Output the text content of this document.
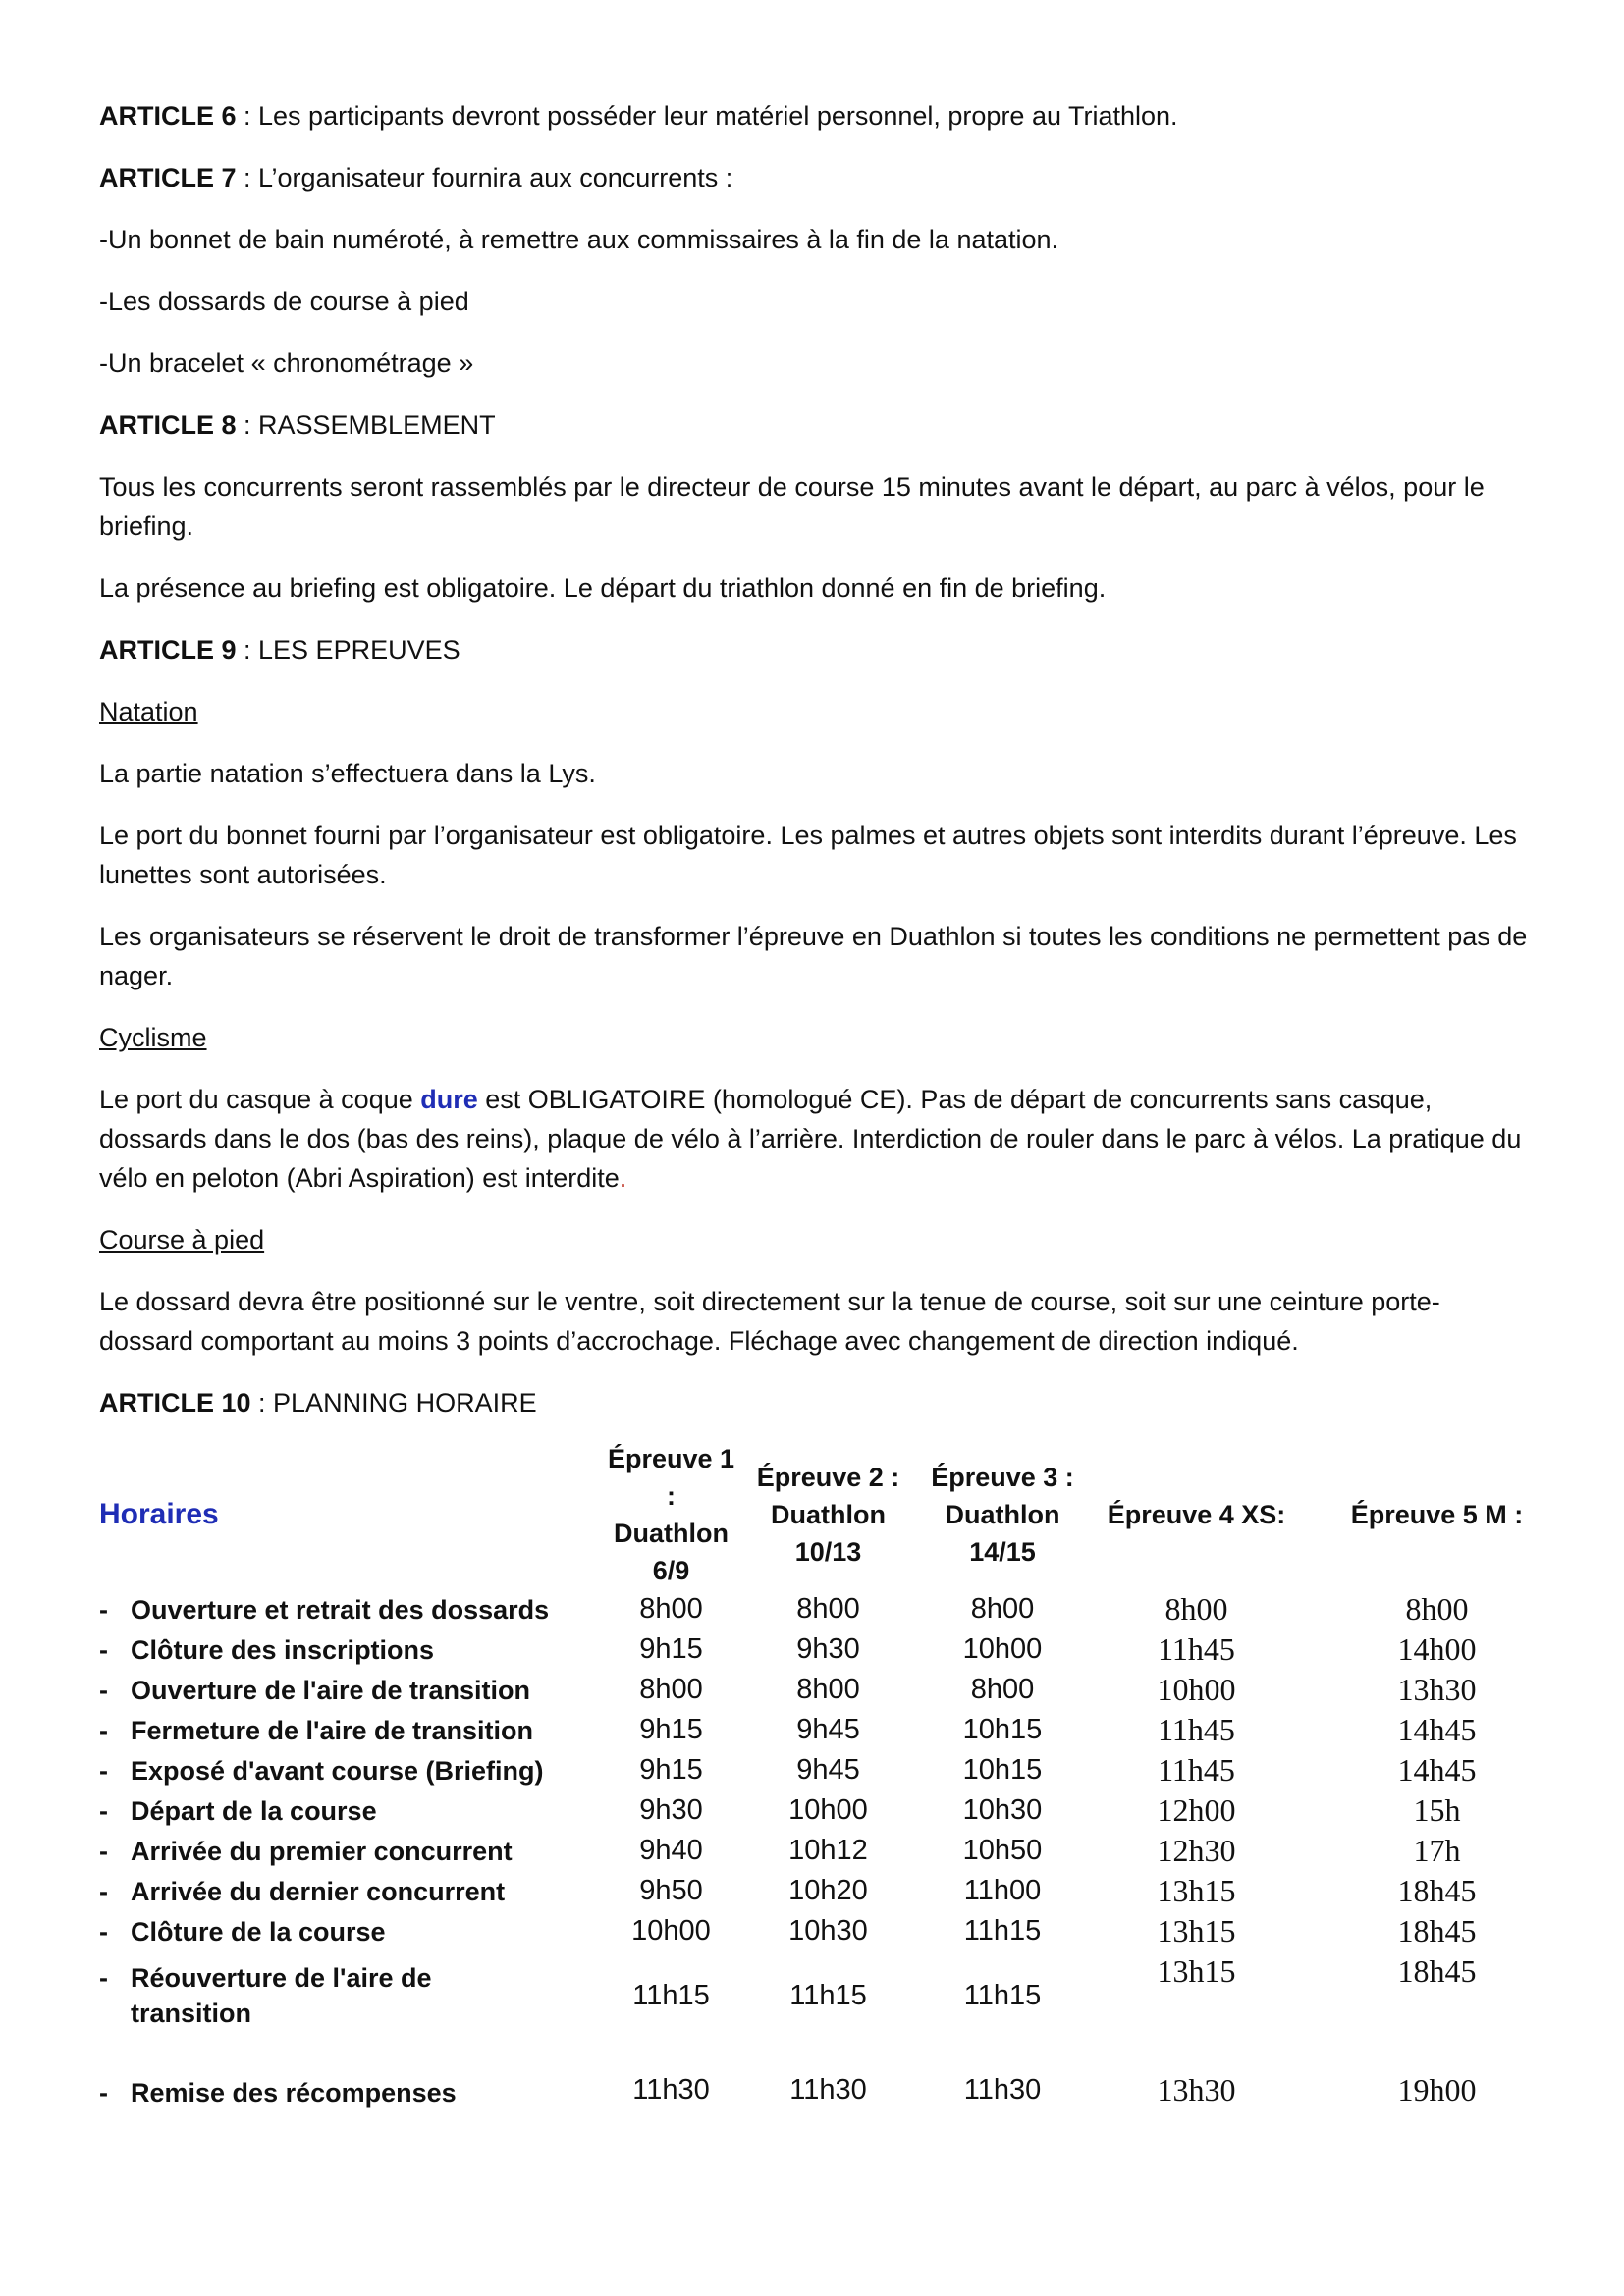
ARTICLE 6 : Les participants devront posséder leur matériel personnel, propre au Triathlon.

ARTICLE 7 : L’organisateur fournira aux concurrents :

-Un bonnet de bain numéroté, à remettre aux commissaires à la fin de la natation.

-Les dossards de course à pied

-Un bracelet « chronométrage »

ARTICLE 8 : RASSEMBLEMENT

Tous les concurrents seront rassemblés par le directeur de course 15 minutes avant le départ, au parc à vélos, pour le briefing.

La présence au briefing est obligatoire. Le départ du triathlon donné en fin de briefing.

ARTICLE 9 : LES EPREUVES

Natation

La partie natation s’effectuera dans la Lys.

Le port du bonnet fourni par l’organisateur est obligatoire. Les palmes et autres objets sont interdits durant l’épreuve. Les lunettes sont autorisées.

Les organisateurs se réservent le droit de transformer l’épreuve en Duathlon si toutes les conditions ne permettent pas de nager.

Cyclisme

Le port du casque à coque dure est OBLIGATOIRE (homologué CE). Pas de départ de concurrents sans casque, dossards dans le dos (bas des reins), plaque de vélo à l’arrière. Interdiction de rouler dans le parc à vélos. La pratique du vélo en peloton (Abri Aspiration) est interdite.

Course à pied

Le dossard devra être positionné sur le ventre, soit directement sur la tenue de course, soit sur une ceinture porte-dossard comportant au moins 3 points d’accrochage. Fléchage avec changement de direction indiqué.

ARTICLE 10 : PLANNING HORAIRE

Horaires	Épreuve 1 :
Duathlon
6/9	Épreuve 2 :
Duathlon
10/13	Épreuve 3 :
Duathlon
14/15	Épreuve 4 XS:	Épreuve 5 M :
- Ouverture et retrait des dossards	8h00	8h00	8h00	8h00	8h00
- Clôture des inscriptions	9h15	9h30	10h00	11h45	14h00
- Ouverture de l'aire de transition	8h00	8h00	8h00	10h00	13h30
- Fermeture de l'aire de transition	9h15	9h45	10h15	11h45	14h45
- Exposé d'avant course (Briefing)	9h15	9h45	10h15	11h45	14h45
- Départ de la course	9h30	10h00	10h30	12h00	15h
- Arrivée du premier concurrent	9h40	10h12	10h50	12h30	17h
- Arrivée du dernier concurrent	9h50	10h20	11h00	13h15	18h45
- Clôture de la course	10h00	10h30	11h15	13h15	18h45
- Réouverture de l'aire de
transition	11h15	11h15	11h15	13h15	18h45
- Remise des récompenses	11h30	11h30	11h30	13h30	19h00
